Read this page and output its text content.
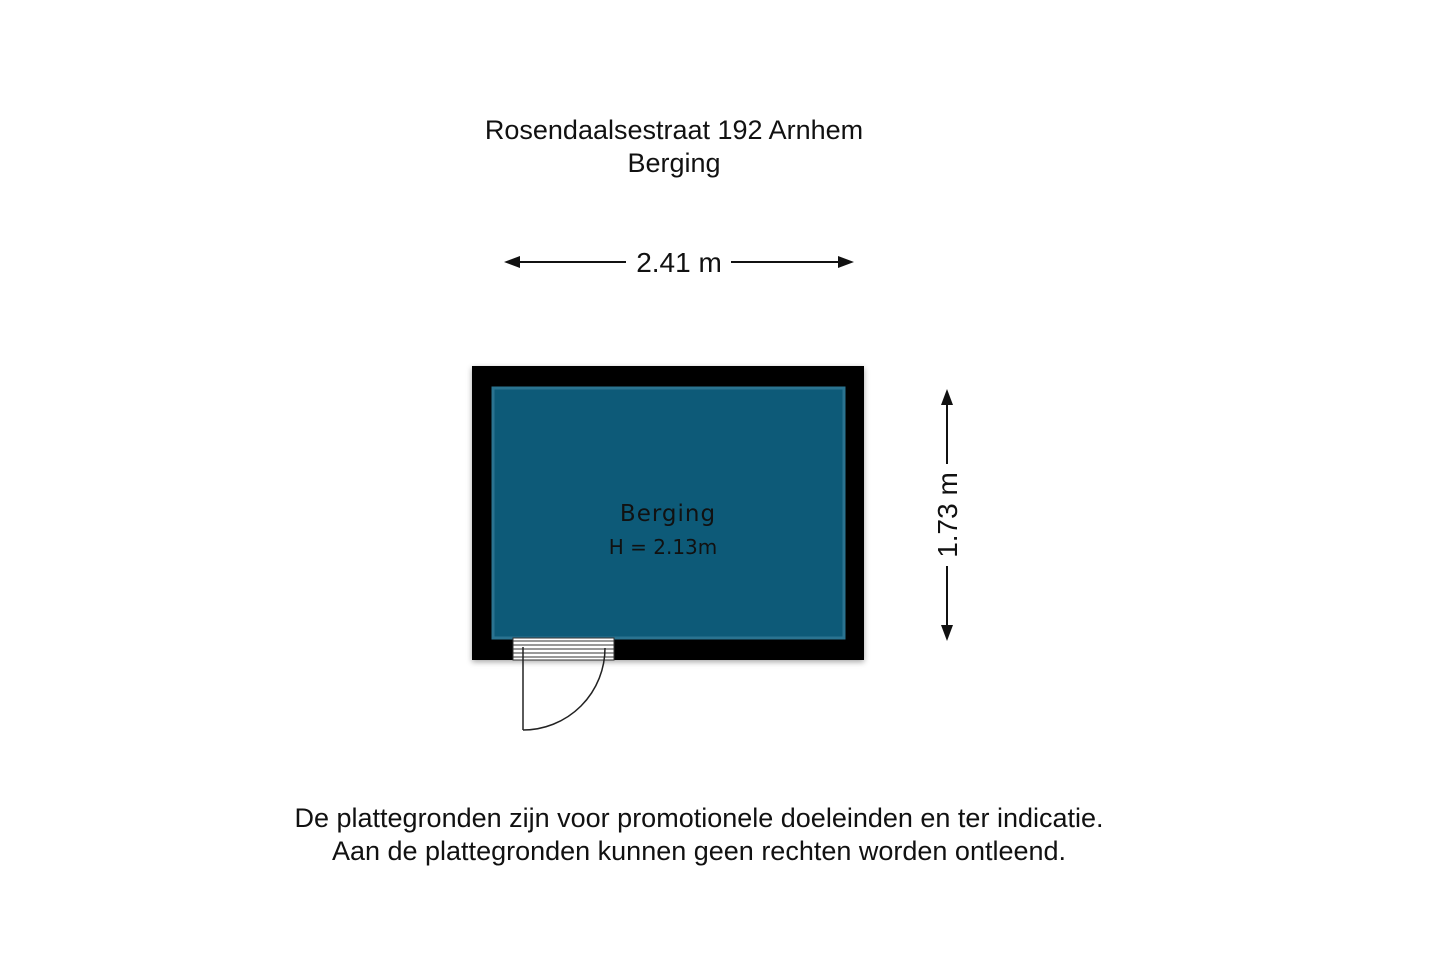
Rosendaalsestraat 192 Arnhem
Berging
2.41 m
1.73 m
Berging
H = 2.13m
De plattegronden zijn voor promotionele doeleinden en ter indicatie.
Aan de plattegronden kunnen geen rechten worden ontleend.
